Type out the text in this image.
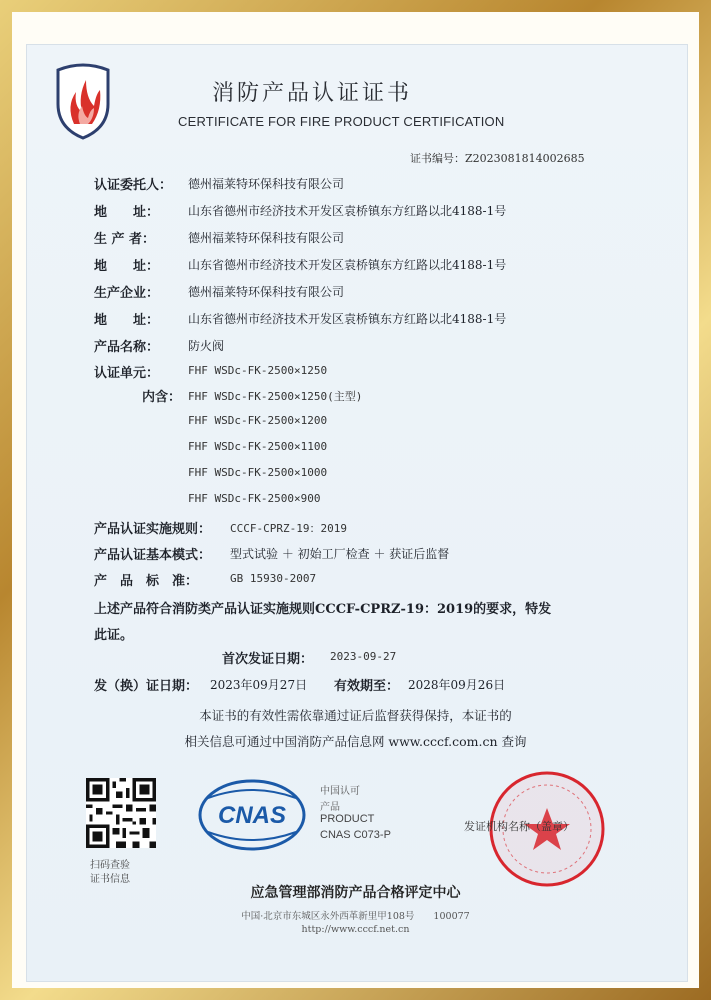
消防产品认证证书
CERTIFICATE FOR FIRE PRODUCT CERTIFICATION
证书编号：Z2023081814002685
认证委托人： 德州福莱特环保科技有限公司
地　　址： 山东省德州市经济技术开发区袁桥镇东方红路以北4188-1号
生 产 者：	德州福莱特环保科技有限公司
地　　址： 山东省德州市经济技术开发区袁桥镇东方红路以北4188-1号
生产企业： 德州福莱特环保科技有限公司
地　　址： 山东省德州市经济技术开发区袁桥镇东方红路以北4188-1号
产品名称： 防火阀
认证单元：	FHF WSDc-FK-2500×1250
内含： FHF WSDc-FK-2500×1250(主型)
FHF WSDc-FK-2500×1200
FHF WSDc-FK-2500×1100
FHF WSDc-FK-2500×1000
FHF WSDc-FK-2500×900
产品认证实施规则： CCCF-CPRZ-19：2019
产品认证基本模式： 型式试验 ＋ 初始工厂检查 ＋ 获证后监督
产　品　标　准：	GB 15930-2007
上述产品符合消防类产品认证实施规则CCCF-CPRZ-19：2019的要求，特发
此证。
首次发证日期： 2023-09-27
发（换）证日期： 2023年09月27日 有效期至： 2028年09月26日
本证书的有效性需依靠通过证后监督获得保持，本证书的
相关信息可通过中国消防产品信息网 www.cccf.com.cn 查询
扫码查验
证书信息
CNAS
中国认可
产品
PRODUCT
CNAS C073-P
发证机构名称（盖章）
应急管理部消防产品合格评定中心
中国·北京市东城区永外西革新里甲108号　　100077
http://www.cccf.net.cn
